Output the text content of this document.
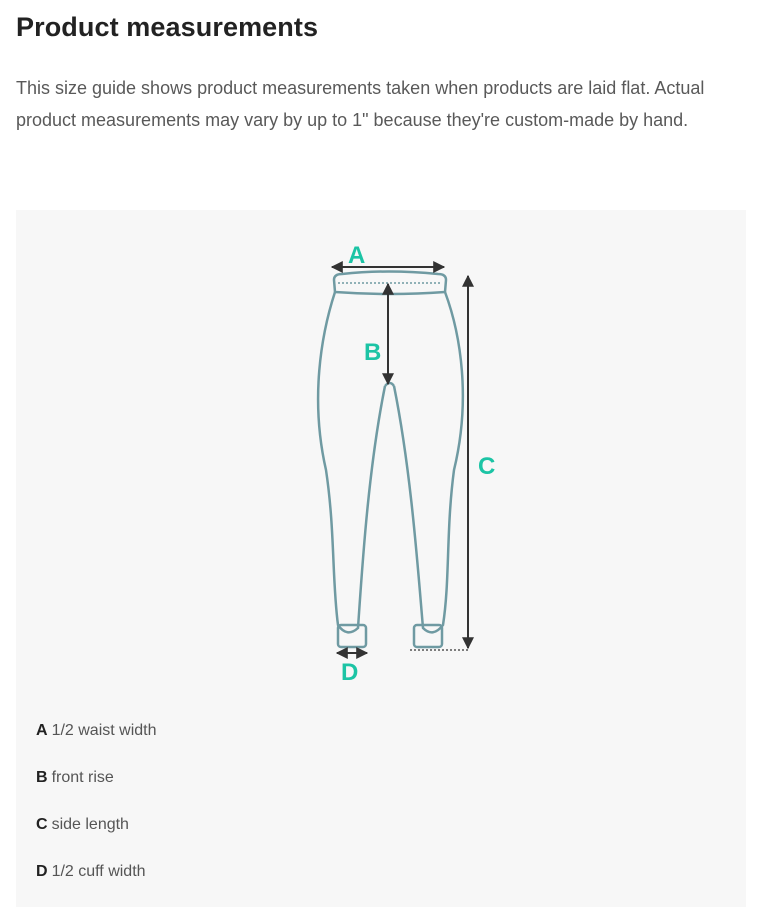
Product measurements

This size guide shows product measurements taken when products are laid flat. Actual product measurements may vary by up to 1" because they're custom-made by hand.

A
B
C
D
A 1/2 waist width
B front rise
C side length
D 1/2 cuff width
